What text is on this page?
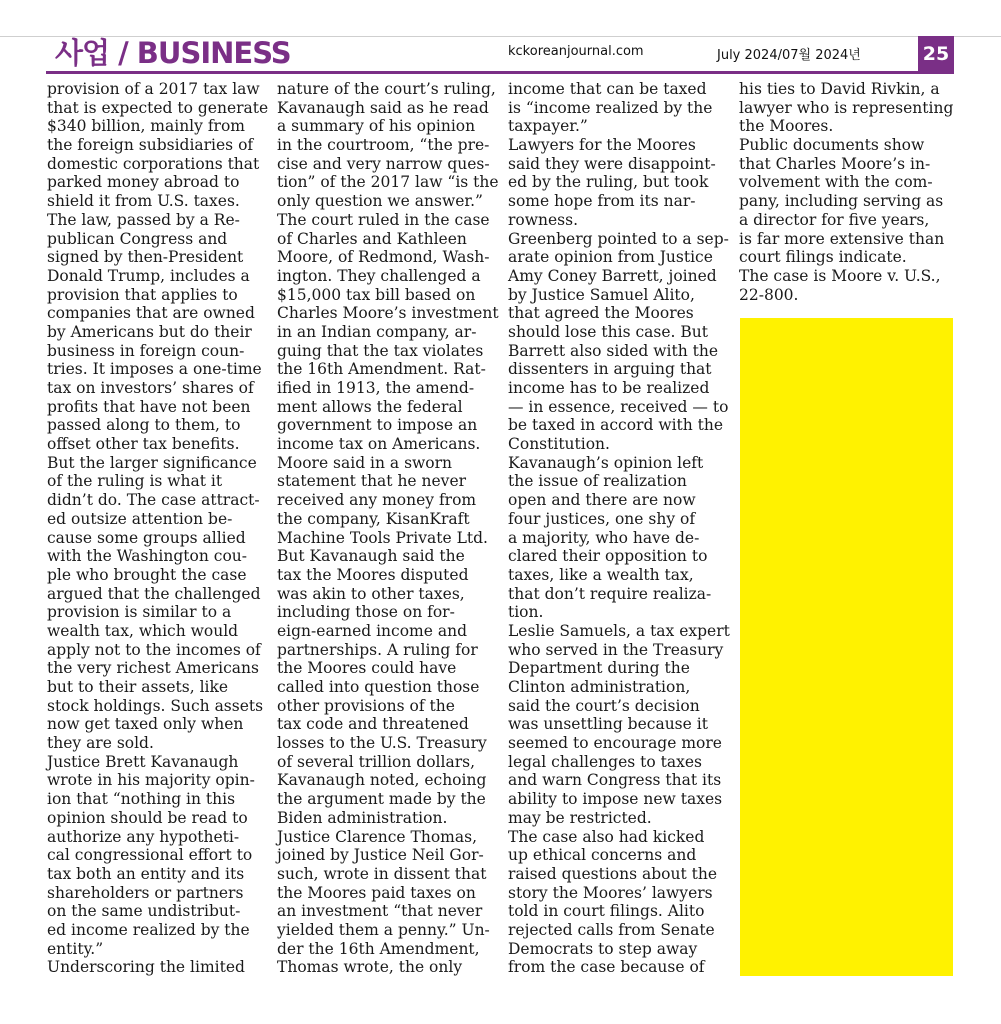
사업 / BUSINESS	kckoreanjournal.com	July 2024/07월 2024년	25
provision of a 2017 tax law
that is expected to generate
$340 billion, mainly from
the foreign subsidiaries of
domestic corporations that
parked money abroad to
shield it from U.S. taxes.
The law, passed by a Re-
publican Congress and
signed by then-President
Donald Trump, includes a
provision that applies to
companies that are owned
by Americans but do their
business in foreign coun-
tries. It imposes a one-time
tax on investors’ shares of
profits that have not been
passed along to them, to
offset other tax benefits.
But the larger significance
of the ruling is what it
didn’t do. The case attract-
ed outsize attention be-
cause some groups allied
with the Washington cou-
ple who brought the case
argued that the challenged
provision is similar to a
wealth tax, which would
apply not to the incomes of
the very richest Americans
but to their assets, like
stock holdings. Such assets
now get taxed only when
they are sold.
Justice Brett Kavanaugh
wrote in his majority opin-
ion that “nothing in this
opinion should be read to
authorize any hypotheti-
cal congressional effort to
tax both an entity and its
shareholders or partners
on the same undistribut-
ed income realized by the
entity.”
Underscoring the limited
nature of the court’s ruling,
Kavanaugh said as he read
a summary of his opinion
in the courtroom, “the pre-
cise and very narrow ques-
tion” of the 2017 law “is the
only question we answer.”
The court ruled in the case
of Charles and Kathleen
Moore, of Redmond, Wash-
ington. They challenged a
$15,000 tax bill based on
Charles Moore’s investment
in an Indian company, ar-
guing that the tax violates
the 16th Amendment. Rat-
ified in 1913, the amend-
ment allows the federal
government to impose an
income tax on Americans.
Moore said in a sworn
statement that he never
received any money from
the company, KisanKraft
Machine Tools Private Ltd.
But Kavanaugh said the
tax the Moores disputed
was akin to other taxes,
including those on for-
eign-earned income and
partnerships. A ruling for
the Moores could have
called into question those
other provisions of the
tax code and threatened
losses to the U.S. Treasury
of several trillion dollars,
Kavanaugh noted, echoing
the argument made by the
Biden administration.
Justice Clarence Thomas,
joined by Justice Neil Gor-
such, wrote in dissent that
the Moores paid taxes on
an investment “that never
yielded them a penny.” Un-
der the 16th Amendment,
Thomas wrote, the only
income that can be taxed
is “income realized by the
taxpayer.”
Lawyers for the Moores
said they were disappoint-
ed by the ruling, but took
some hope from its nar-
rowness.
Greenberg pointed to a sep-
arate opinion from Justice
Amy Coney Barrett, joined
by Justice Samuel Alito,
that agreed the Moores
should lose this case. But
Barrett also sided with the
dissenters in arguing that
income has to be realized
— in essence, received — to
be taxed in accord with the
Constitution.
Kavanaugh’s opinion left
the issue of realization
open and there are now
four justices, one shy of
a majority, who have de-
clared their opposition to
taxes, like a wealth tax,
that don’t require realiza-
tion.
Leslie Samuels, a tax expert
who served in the Treasury
Department during the
Clinton administration,
said the court’s decision
was unsettling because it
seemed to encourage more
legal challenges to taxes
and warn Congress that its
ability to impose new taxes
may be restricted.
The case also had kicked
up ethical concerns and
raised questions about the
story the Moores’ lawyers
told in court filings. Alito
rejected calls from Senate
Democrats to step away
from the case because of
his ties to David Rivkin, a
lawyer who is representing
the Moores.
Public documents show
that Charles Moore’s in-
volvement with the com-
pany, including serving as
a director for five years,
is far more extensive than
court filings indicate.
The case is Moore v. U.S.,
22-800.
